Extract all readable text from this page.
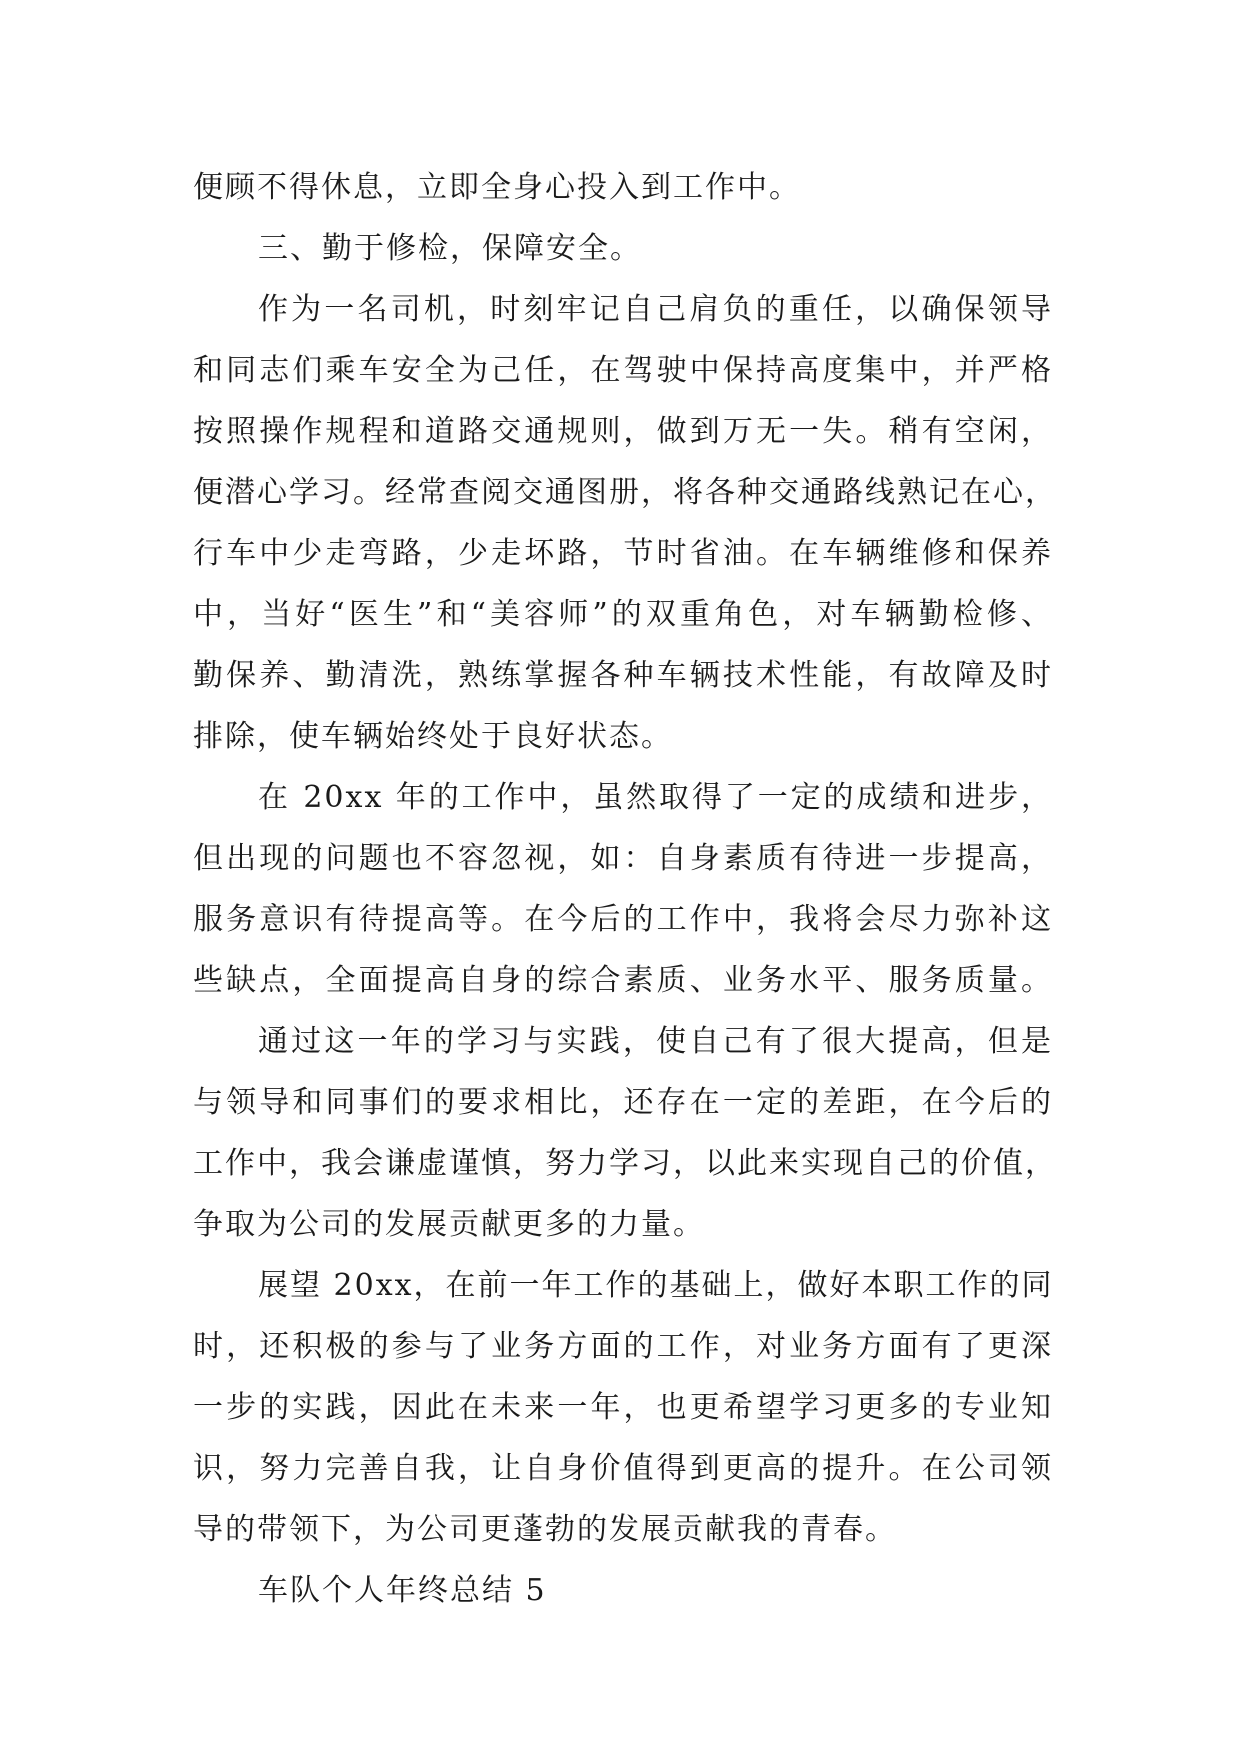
便顾不得休息，立即全身心投入到工作中。
三、勤于修检，保障安全。
作为一名司机，时刻牢记自己肩负的重任，以确保领导
和同志们乘车安全为己任，在驾驶中保持高度集中，并严格
按照操作规程和道路交通规则，做到万无一失。稍有空闲，
便潜心学习。经常查阅交通图册，将各种交通路线熟记在心，
行车中少走弯路，少走坏路，节时省油。在车辆维修和保养
中，当好“医生”和“美容师”的双重角色，对车辆勤检修、
勤保养、勤清洗，熟练掌握各种车辆技术性能，有故障及时
排除，使车辆始终处于良好状态。
在 20xx 年的工作中，虽然取得了一定的成绩和进步，
但出现的问题也不容忽视，如：自身素质有待进一步提高，
服务意识有待提高等。在今后的工作中，我将会尽力弥补这
些缺点，全面提高自身的综合素质、业务水平、服务质量。
通过这一年的学习与实践，使自己有了很大提高，但是
与领导和同事们的要求相比，还存在一定的差距，在今后的
工作中，我会谦虚谨慎，努力学习，以此来实现自己的价值，
争取为公司的发展贡献更多的力量。
展望 20xx，在前一年工作的基础上，做好本职工作的同
时，还积极的参与了业务方面的工作，对业务方面有了更深
一步的实践，因此在未来一年，也更希望学习更多的专业知
识，努力完善自我，让自身价值得到更高的提升。在公司领
导的带领下，为公司更蓬勃的发展贡献我的青春。
车队个人年终总结 5
